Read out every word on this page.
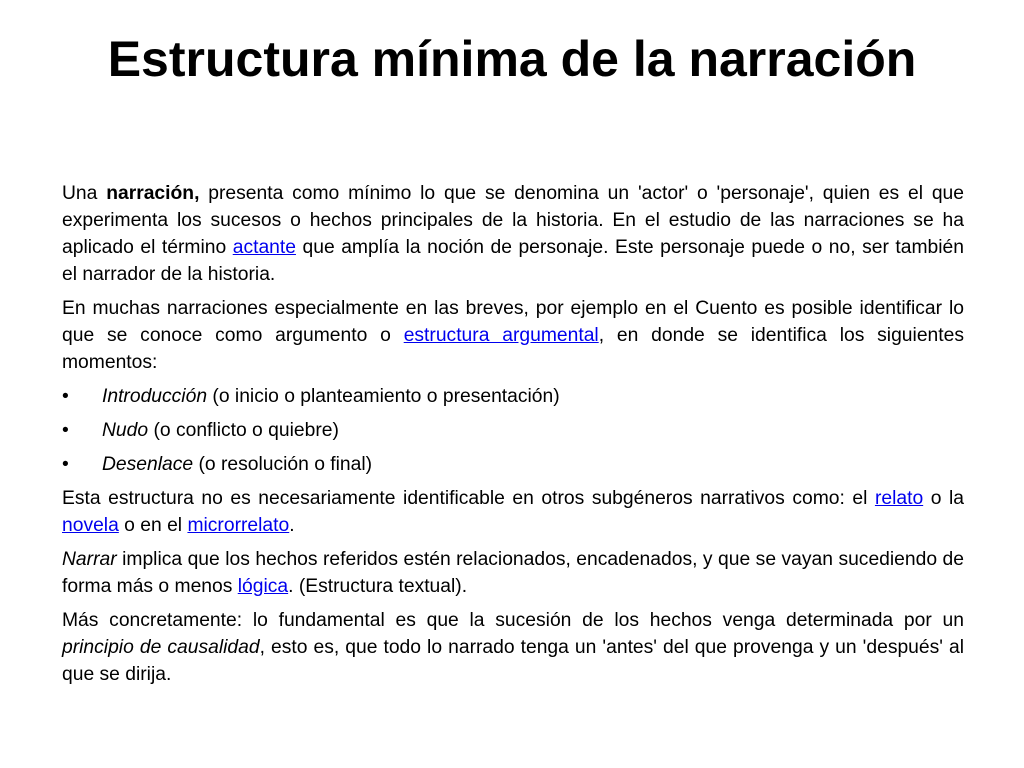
Estructura mínima de la narración

Una narración, presenta como mínimo lo que se denomina un 'actor' o 'personaje', quien es el que experimenta los sucesos o hechos principales de la historia. En el estudio de las narraciones se ha aplicado el término actante que amplía la noción de personaje. Este personaje puede o no, ser también el narrador de la historia.

En muchas narraciones especialmente en las breves, por ejemplo en el Cuento es posible identificar lo que se conoce como argumento o estructura argumental, en donde se identifica los siguientes momentos:

•	Introducción (o inicio o planteamiento o presentación)
•	Nudo (o conflicto o quiebre)
•	Desenlace (o resolución o final)

Esta estructura no es necesariamente identificable en otros subgéneros narrativos como: el relato o la novela o en el microrrelato.

Narrar implica que los hechos referidos estén relacionados, encadenados, y que se vayan sucediendo de forma más o menos lógica. (Estructura textual).

Más concretamente: lo fundamental es que la sucesión de los hechos venga determinada por un principio de causalidad, esto es, que todo lo narrado tenga un 'antes' del que provenga y un 'después' al que se dirija.
